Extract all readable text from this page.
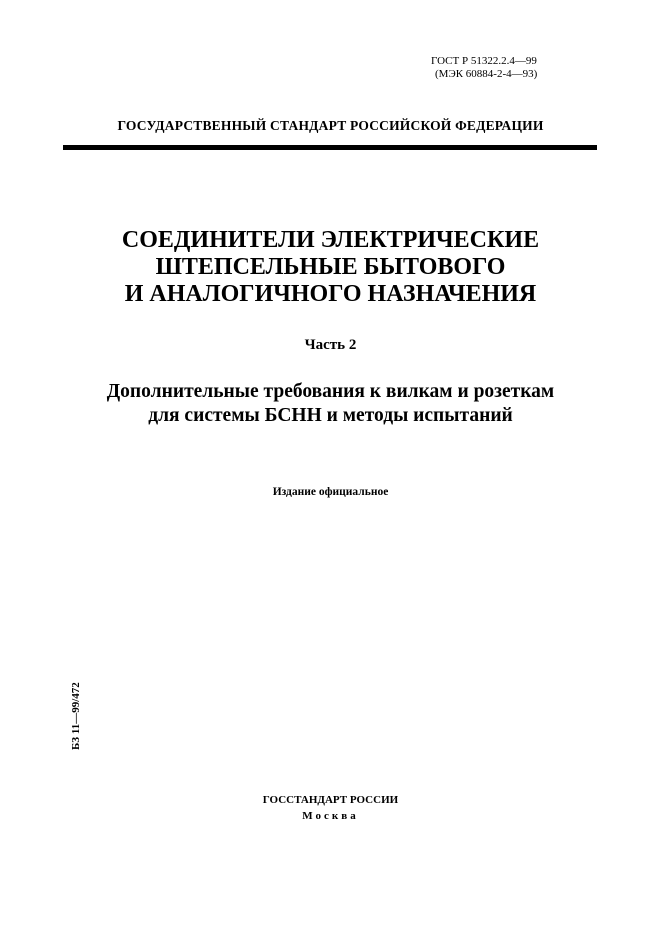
ГОСТ Р 51322.2.4—99
(МЭК 60884-2-4—93)
ГОСУДАРСТВЕННЫЙ СТАНДАРТ РОССИЙСКОЙ ФЕДЕРАЦИИ
СОЕДИНИТЕЛИ ЭЛЕКТРИЧЕСКИЕ
ШТЕПСЕЛЬНЫЕ БЫТОВОГО
И АНАЛОГИЧНОГО НАЗНАЧЕНИЯ
Часть 2
Дополнительные требования к вилкам и розеткам
для системы БСНН и методы испытаний
Издание официальное
БЗ 11—99/472
ГОССТАНДАРТ РОССИИ
Москва
